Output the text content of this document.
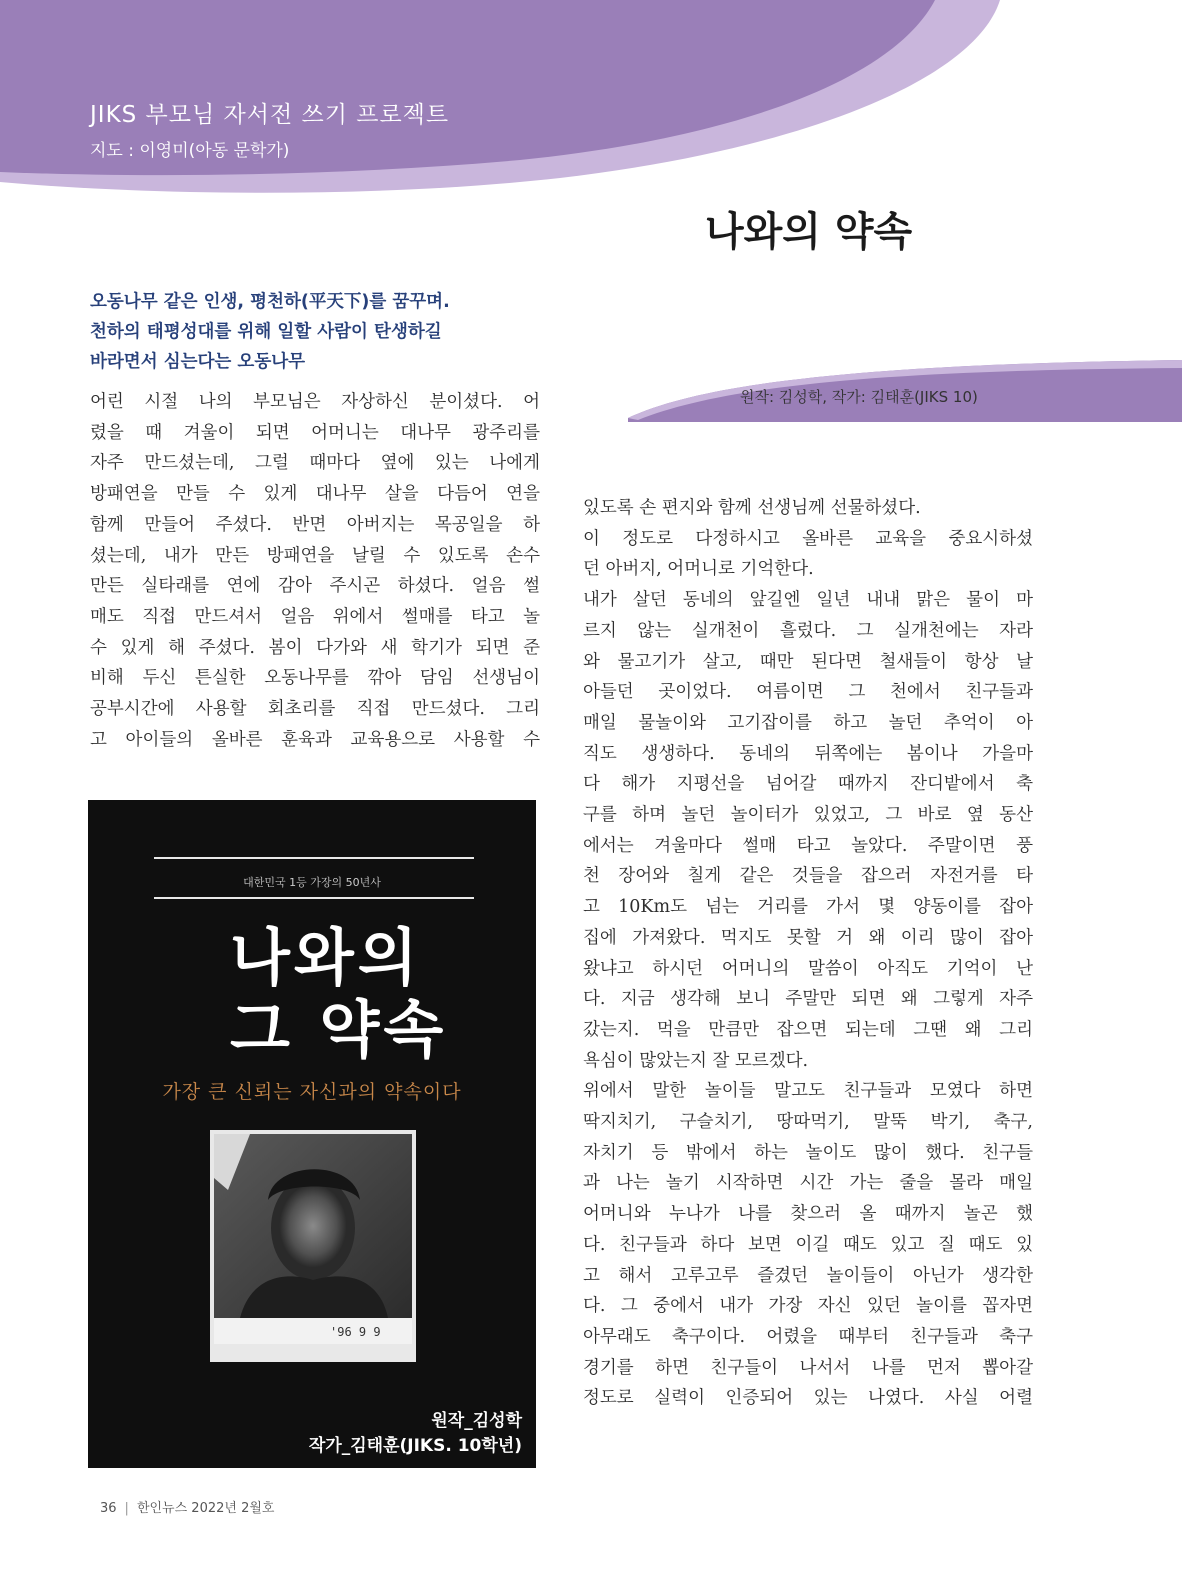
JIKS 부모님 자서전 쓰기 프로젝트
지도 : 이영미(아동 문학가)
나와의 약속
원작: 김성학, 작가: 김태훈(JIKS 10)
오동나무 같은 인생, 평천하(平天下)를 꿈꾸며.
천하의 태평성대를 위해 일할 사람이 탄생하길
바라면서 심는다는 오동나무
어린 시절 나의 부모님은 자상하신 분이셨다. 어
렸을 때 겨울이 되면 어머니는 대나무 광주리를
자주 만드셨는데, 그럴 때마다 옆에 있는 나에게
방패연을 만들 수 있게 대나무 살을 다듬어 연을
함께 만들어 주셨다. 반면 아버지는 목공일을 하
셨는데, 내가 만든 방패연을 날릴 수 있도록 손수
만든 실타래를 연에 감아 주시곤 하셨다. 얼음 썰
매도 직접 만드셔서 얼음 위에서 썰매를 타고 놀
수 있게 해 주셨다. 봄이 다가와 새 학기가 되면 준
비해 두신 튼실한 오동나무를 깎아 담임 선생님이
공부시간에 사용할 회초리를 직접 만드셨다. 그리
고 아이들의 올바른 훈육과 교육용으로 사용할 수
있도록 손 편지와 함께 선생님께 선물하셨다.
이 정도로 다정하시고 올바른 교육을 중요시하셨
던 아버지, 어머니로 기억한다.
내가 살던 동네의 앞길엔 일년 내내 맑은 물이 마
르지 않는 실개천이 흘렀다. 그 실개천에는 자라
와 물고기가 살고, 때만 된다면 철새들이 항상 날
아들던 곳이었다. 여름이면 그 천에서 친구들과
매일 물놀이와 고기잡이를 하고 놀던 추억이 아
직도 생생하다. 동네의 뒤쪽에는 봄이나 가을마
다 해가 지평선을 넘어갈 때까지 잔디밭에서 축
구를 하며 놀던 놀이터가 있었고, 그 바로 옆 동산
에서는 겨울마다 썰매 타고 놀았다. 주말이면 풍
천 장어와 칠게 같은 것들을 잡으러 자전거를 타
고 10Km도 넘는 거리를 가서 몇 양동이를 잡아
집에 가져왔다. 먹지도 못할 거 왜 이리 많이 잡아
왔냐고 하시던 어머니의 말씀이 아직도 기억이 난
다. 지금 생각해 보니 주말만 되면 왜 그렇게 자주
갔는지. 먹을 만큼만 잡으면 되는데 그땐 왜 그리
욕심이 많았는지 잘 모르겠다.
위에서 말한 놀이들 말고도 친구들과 모였다 하면
딱지치기, 구슬치기, 땅따먹기, 말뚝 박기, 축구,
자치기 등 밖에서 하는 놀이도 많이 했다. 친구들
과 나는 놀기 시작하면 시간 가는 줄을 몰라 매일
어머니와 누나가 나를 찾으러 올 때까지 놀곤 했
다. 친구들과 하다 보면 이길 때도 있고 질 때도 있
고 해서 고루고루 즐겼던 놀이들이 아닌가 생각한
다. 그 중에서 내가 가장 자신 있던 놀이를 꼽자면
아무래도 축구이다. 어렸을 때부터 친구들과 축구
경기를 하면 친구들이 나서서 나를 먼저 뽑아갈
정도로 실력이 인증되어 있는 나였다. 사실 어렬
대한민국 1등 가장의 50년사
나와의
그 약속
가장 큰 신뢰는 자신과의 약속이다
'96 9 9
원작_김성학
작가_김태훈(JIKS. 10학년)
36 | 한인뉴스 2022년 2월호
